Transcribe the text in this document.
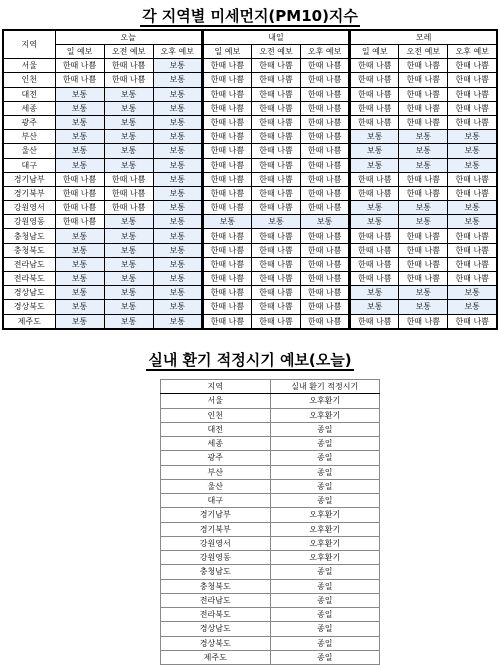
각 지역별 미세먼지(PM10)지수
지역	오늘			내일			모레		
	일 예보	오전 예보	오후 예보	일 예보	오전 예보	오후 예보	일 예보	오전 예보	오후 예보
서울	한때 나쁨	한때 나쁨	보통	한때 나쁨	한때 나쁨	한때 나쁨	한때 나쁨	한때 나쁨	한때 나쁨
인천	한때 나쁨	한때 나쁨	보통	한때 나쁨	한때 나쁨	한때 나쁨	한때 나쁨	한때 나쁨	한때 나쁨
대전	보통	보통	보통	한때 나쁨	한때 나쁨	한때 나쁨	한때 나쁨	한때 나쁨	한때 나쁨
세종	보통	보통	보통	한때 나쁨	한때 나쁨	한때 나쁨	한때 나쁨	한때 나쁨	한때 나쁨
광주	보통	보통	보통	한때 나쁨	한때 나쁨	한때 나쁨	한때 나쁨	한때 나쁨	한때 나쁨
부산	보통	보통	보통	한때 나쁨	한때 나쁨	한때 나쁨	보통	보통	보통
울산	보통	보통	보통	한때 나쁨	한때 나쁨	한때 나쁨	보통	보통	보통
대구	보통	보통	보통	한때 나쁨	한때 나쁨	한때 나쁨	보통	보통	보통
경기남부	한때 나쁨	한때 나쁨	보통	한때 나쁨	한때 나쁨	한때 나쁨	한때 나쁨	한때 나쁨	한때 나쁨
경기북부	한때 나쁨	한때 나쁨	보통	한때 나쁨	한때 나쁨	한때 나쁨	한때 나쁨	한때 나쁨	한때 나쁨
강원영서	한때 나쁨	한때 나쁨	보통	한때 나쁨	한때 나쁨	한때 나쁨	보통	보통	보통
강원영동	한때 나쁨	보통	보통	보통	보통	보통	보통	보통	보통
충청남도	보통	보통	보통	한때 나쁨	한때 나쁨	한때 나쁨	한때 나쁨	한때 나쁨	한때 나쁨
충청북도	보통	보통	보통	한때 나쁨	한때 나쁨	한때 나쁨	한때 나쁨	한때 나쁨	한때 나쁨
전라남도	보통	보통	보통	한때 나쁨	한때 나쁨	한때 나쁨	한때 나쁨	한때 나쁨	한때 나쁨
전라북도	보통	보통	보통	한때 나쁨	한때 나쁨	한때 나쁨	한때 나쁨	한때 나쁨	한때 나쁨
경상남도	보통	보통	보통	한때 나쁨	한때 나쁨	한때 나쁨	보통	보통	보통
경상북도	보통	보통	보통	한때 나쁨	한때 나쁨	한때 나쁨	보통	보통	보통
제주도	보통	보통	보통	한때 나쁨	한때 나쁨	한때 나쁨	한때 나쁨	한때 나쁨	한때 나쁨
실내 환기 적정시기 예보(오늘)
지역	실내 환기 적정시기
서울	오후환기
인천	오후환기
대전	종일
세종	종일
광주	종일
부산	종일
울산	종일
대구	종일
경기남부	오후환기
경기북부	오후환기
강원영서	오후환기
강원영동	오후환기
충청남도	종일
충청북도	종일
전라남도	종일
전라북도	종일
경상남도	종일
경상북도	종일
제주도	종일
